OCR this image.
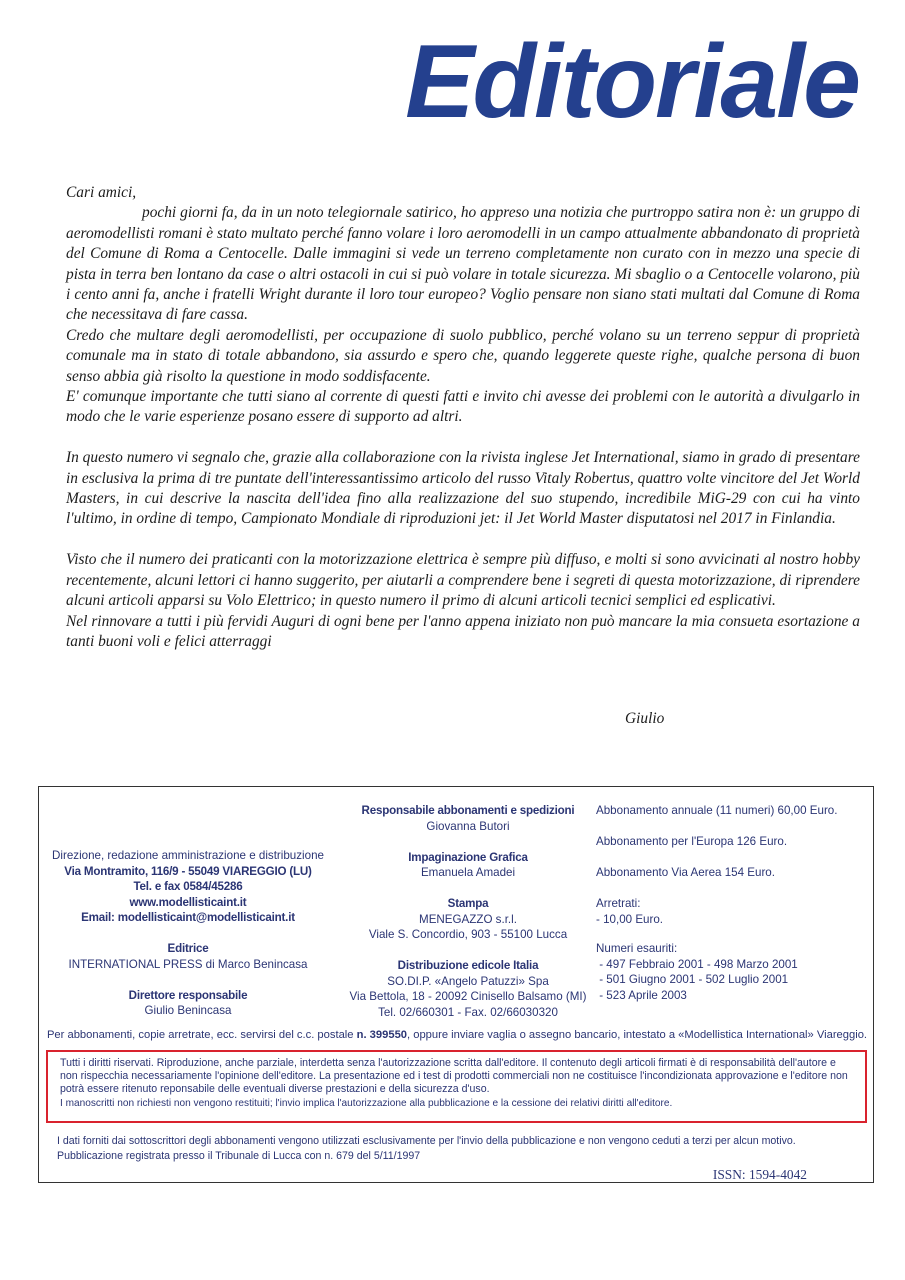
Editoriale

Cari amici,

pochi giorni fa, da in un noto telegiornale satirico, ho appreso una notizia che purtroppo satira non è: un gruppo di aeromodellisti romani è stato multato perché fanno volare i loro aeromodelli in un campo attualmente abbandonato di proprietà del Comune di Roma a Centocelle. Dalle immagini si vede un terreno completamente non curato con in mezzo una specie di pista in terra ben lontano da case o altri ostacoli in cui si può volare in totale sicurezza. Mi sbaglio o a Centocelle volarono, più i cento anni fa, anche i fratelli Wright durante il loro tour europeo? Voglio pensare non siano stati multati dal Comune di Roma che necessitava di fare cassa.

Credo che multare degli aeromodellisti, per occupazione di suolo pubblico, perché volano su un terreno seppur di proprietà comunale ma in stato di totale abbandono, sia assurdo e spero che, quando leggerete queste righe, qualche persona di buon senso abbia già risolto la questione in modo soddisfacente.

E' comunque importante che tutti siano al corrente di questi fatti e invito chi avesse dei problemi con le autorità a divulgarlo in modo che le varie esperienze posano essere di supporto ad altri.

In questo numero vi segnalo che, grazie alla collaborazione con la rivista inglese Jet International, siamo in grado di presentare in esclusiva la prima di tre puntate dell'interessantissimo articolo del russo Vitaly Robertus, quattro volte vincitore del Jet World Masters, in cui descrive la nascita dell'idea fino alla realizzazione del suo stupendo, incredibile MiG-29 con cui ha vinto l'ultimo, in ordine di tempo, Campionato Mondiale di riproduzioni jet: il Jet World Master disputatosi nel 2017 in Finlandia.

Visto che il numero dei praticanti con la motorizzazione elettrica è sempre più diffuso, e molti si sono avvicinati al nostro hobby recentemente, alcuni lettori ci hanno suggerito, per aiutarli a comprendere bene i segreti di questa motorizzazione, di riprendere alcuni articoli apparsi su Volo Elettrico; in questo numero il primo di alcuni articoli tecnici semplici ed esplicativi.

Nel rinnovare a tutti i più fervidi Auguri di ogni bene per l'anno appena iniziato non può mancare la mia consueta esortazione a tanti buoni voli e felici atterraggi

Giulio
Direzione, redazione amministrazione e distribuzione
Via Montramito, 116/9 - 55049 VIAREGGIO (LU)
Tel. e fax 0584/45286
www.modellisticaint.it
Email: modellisticaint@modellisticaint.it
Editrice
INTERNATIONAL PRESS di Marco Benincasa
Direttore responsabile
Giulio Benincasa
Responsabile abbonamenti e spedizioni
Giovanna Butori
Impaginazione Grafica
Emanuela Amadei
Stampa
MENEGAZZO s.r.l.
Viale S. Concordio, 903 - 55100 Lucca
Distribuzione edicole Italia
SO.DI.P. «Angelo Patuzzi» Spa
Via Bettola, 18 - 20092 Cinisello Balsamo (MI)
Tel. 02/660301 - Fax. 02/66030320
Abbonamento annuale (11 numeri) 60,00 Euro.
Abbonamento per l'Europa 126 Euro.
Abbonamento Via Aerea 154 Euro.
Arretrati:
- 10,00 Euro.
Numeri esauriti:
- 497 Febbraio 2001 - 498 Marzo 2001
- 501 Giugno 2001 - 502 Luglio 2001
- 523 Aprile 2003
Per abbonamenti, copie arretrate, ecc. servirsi del c.c. postale n. 399550, oppure inviare vaglia o assegno bancario, intestato a «Modellistica International» Viareggio.
Tutti i diritti riservati. Riproduzione, anche parziale, interdetta senza l'autorizzazione scritta dall'editore. Il contenuto degli articoli firmati è di responsabilità dell'autore e non rispecchia necessariamente l'opinione dell'editore. La presentazione ed i test di prodotti commerciali non ne costituisce l'incondizionata approvazione e l'editore non potrà essere ritenuto reponsabile delle eventuali diverse prestazioni e della sicurezza d'uso.
I manoscritti non richiesti non vengono restituiti; l'invio implica l'autorizzazione alla pubblicazione e la cessione dei relativi diritti all'editore.
I dati forniti dai sottoscrittori degli abbonamenti vengono utilizzati esclusivamente per l'invio della pubblicazione e non vengono ceduti a terzi per alcun motivo.
Pubblicazione registrata presso il Tribunale di Lucca con n. 679 del 5/11/1997
ISSN: 1594-4042
